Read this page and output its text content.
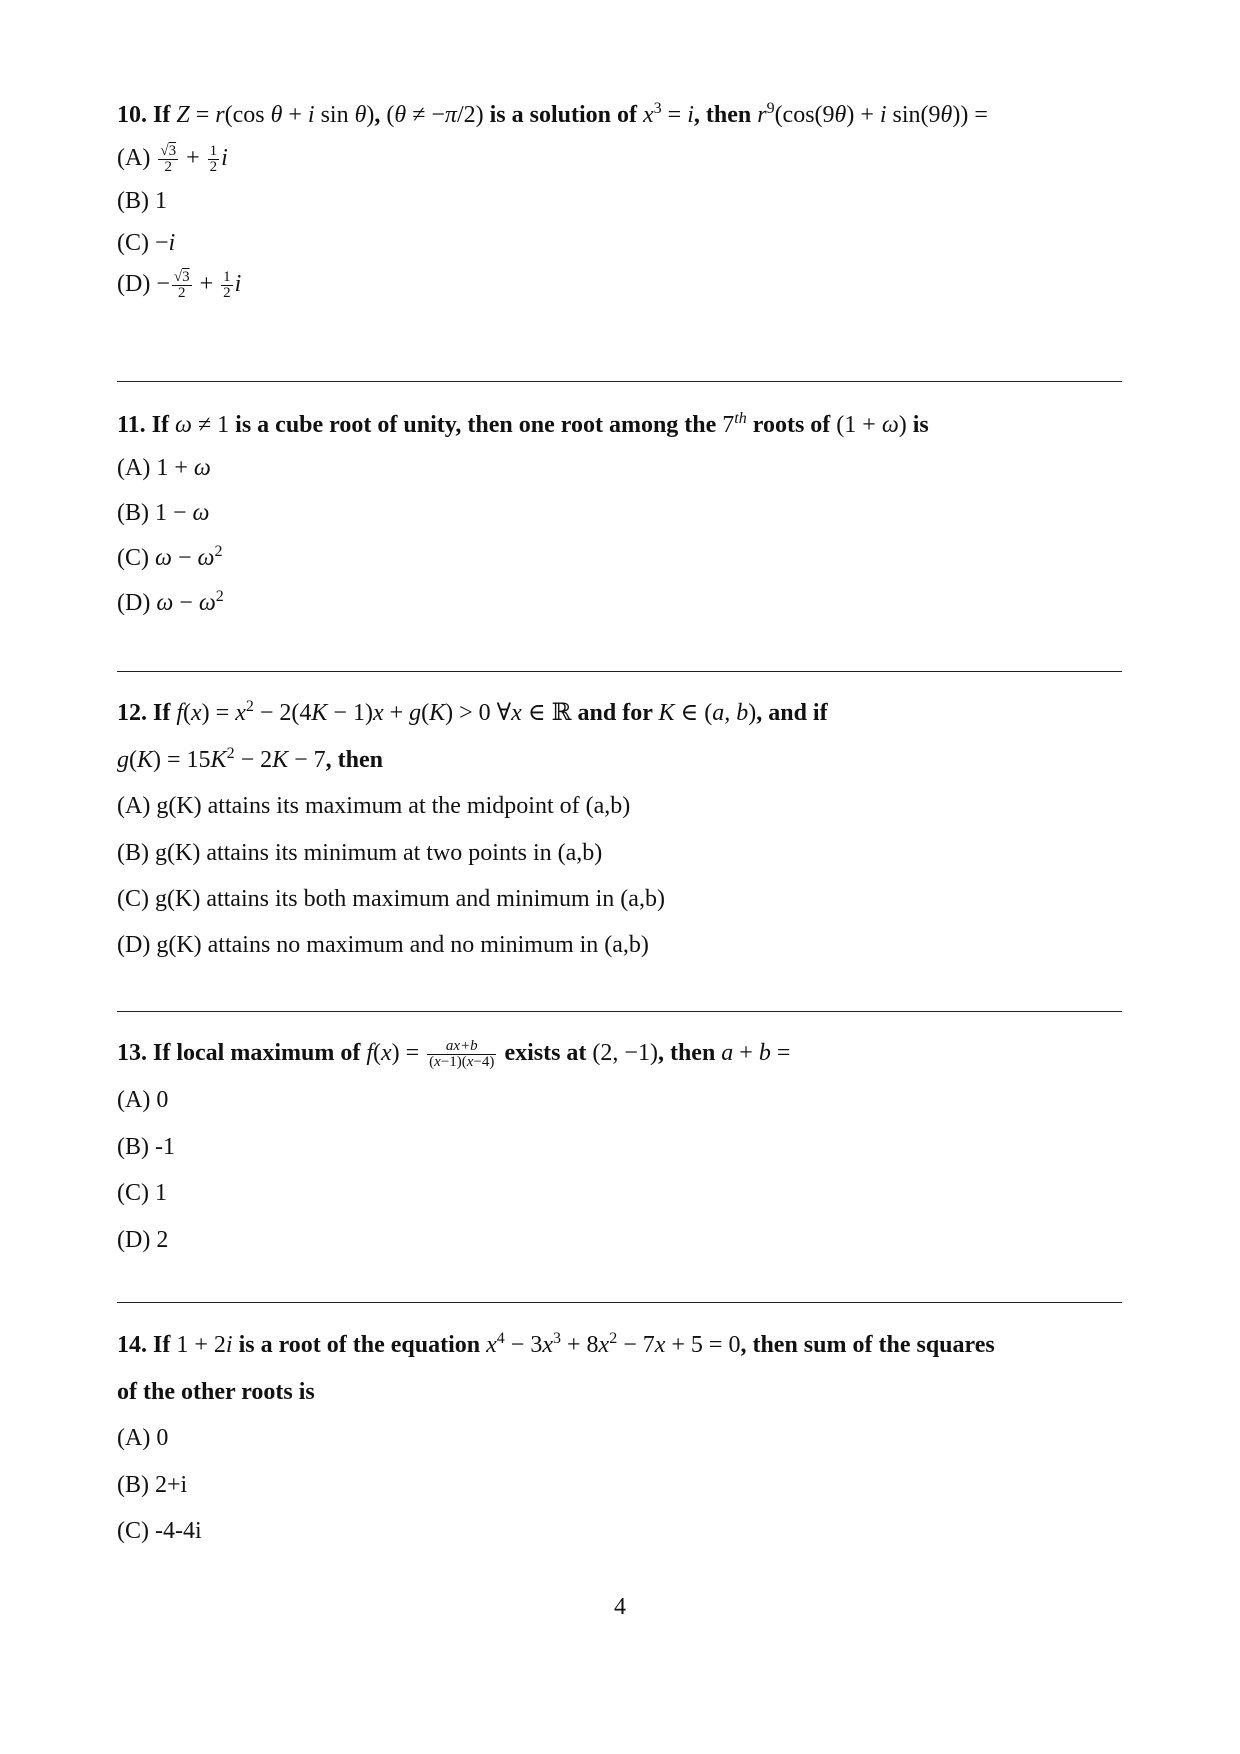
10. If Z = r(cos θ + i sin θ), (θ ≠ −π/2) is a solution of $x^3 = i$, then $r^9(\cos(9\theta) + i$ sin(9θ)) =
$(A) \frac{√3}{2} + \frac{1}{2}$ i
(B) 1
(C) −i
$(D) - \frac{√3}{2} + \frac{1}{2}$ i
11. If ω ≠ 1 is a cube root of unity, then one root among the 7th roots of (1 + ω) is
(A) 1 + ω
(B) 1 − ω
(C) $\omega - \omega^2$
(D) $\omega - \omega^2$
12. If $f(x) = x^2 - 2(4K - 1)x + g(K) > 0$ ∀x ∈ ℝ and for K ∈ (a, b), and if
$g(K) = 15K^2 - 2K - 7$, then
(A) g(K) attains its maximum at the midpoint of (a,b)
(B) g(K) attains its minimum at two points in (a,b)
(C) g(K) attains its both maximum and minimum in (a,b)
(D) g(K) attains no maximum and no minimum in (a,b)
13. If local maximum of $f(x) = \frac{ax+b}{(x-1)(x-4)}$ exists at (2, −1), then a + b =
(A) 0
(B) -1
(C) 1
(D) 2
14. If 1 + 2i is a root of the equation $x^4 - 3x^3 + 8x^2 - 7x + 5 = 0$, then sum of the squares
of the other roots is
(A) 0
(B) 2+i
(C) -4-4i
4
